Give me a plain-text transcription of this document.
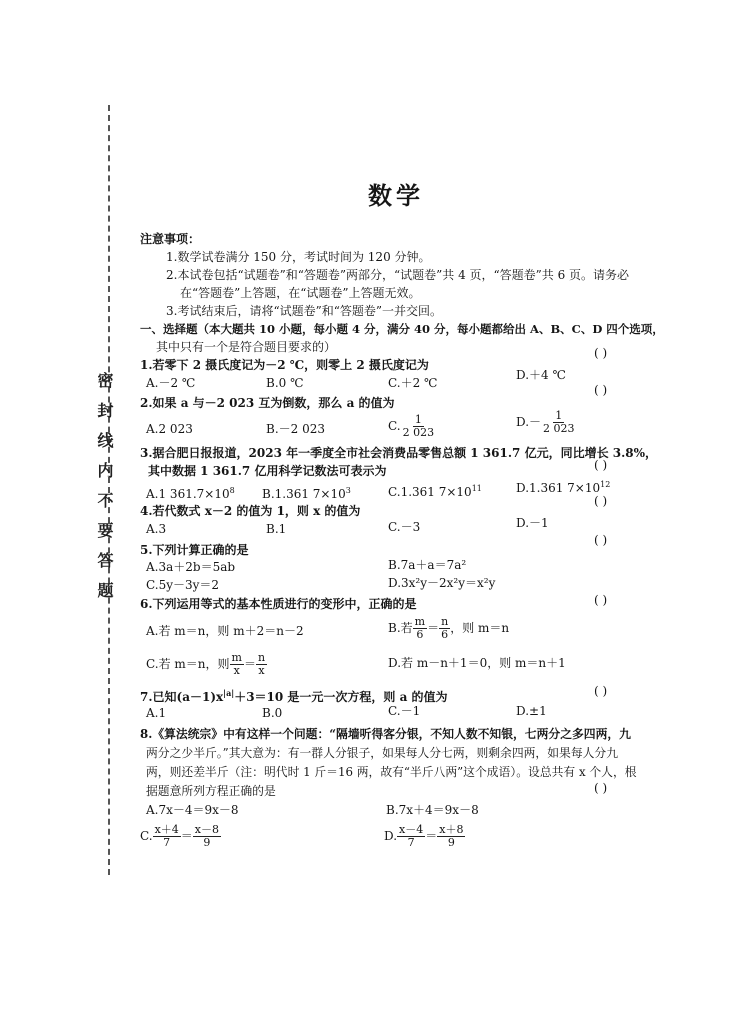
密封线内不要答题
数学
注意事项：
1.数学试卷满分 150 分，考试时间为 120 分钟。
2.本试卷包括“试题卷”和“答题卷”两部分，“试题卷”共 4 页，“答题卷”共 6 页。请务必
在“答题卷”上答题，在“试题卷”上答题无效。
3.考试结束后，请将“试题卷”和“答题卷”一并交回。
一、选择题（本大题共 10 小题，每小题 4 分，满分 40 分，每小题都给出 A、B、C、D 四个选项，
其中只有一个是符合题目要求的）	( )
1.若零下 2 摄氏度记为－2 ℃，则零上 2 摄氏度记为
A.－2 ℃	B.0 ℃	C.＋2 ℃
D.＋4 ℃
( )
2.如果 a 与－2 023 互为倒数，那么 a 的值为
A.2 023	B.－2 023	C. $\frac{1}{2 023}$	$D.- \frac{1}{2 023}$
3.据合肥日报报道，2023 年一季度全市社会消费品零售总额 1 361.7 亿元，同比增长 3.8%，
( )
其中数据 1 361.7 亿用科学记数法可表示为
A.1 $361.7\times 10^8$ B.1.361 $7\times 10^3$	C.1.361 $7\times 10^{11}$	D.1.361 $7\times 10^{12}$
( )
4.若代数式 x－2 的值为 1，则 x 的值为
A.3	B.1	C.－3	D.－1
( )
5.下列计算正确的是
A.3a＋2b＝5ab	B.7a＋a＝7a²
C.5y－3y＝2	D.3x²y－2x²y＝x²y
( )
6.下列运用等式的基本性质进行的变形中，正确的是
A.若 m＝n，则 m＋2＝n－2	B.若 $\frac{m}{6} = \frac{n}{6}$ ，则 m＝n
C.若 m＝n，则 $\frac{m}{x} = \frac{n}{x}$	D.若 m－n＋1＝0，则 m＝n＋1
7.已知$(a-1)x^{|a|}+3=10$ 是一元一次方程，则 a 的值为	( )
A.1	B.0	C.－1	D.±1
8.《算法统宗》中有这样一个问题：“隔墙听得客分银，不知人数不知银，七两分之多四两，九
两分之少半斤。”其大意为：有一群人分银子，如果每人分七两，则剩余四两，如果每人分九
两，则还差半斤（注：明代时 1 斤＝16 两，故有“半斤八两”这个成语）。设总共有 x 个人，根
据题意所列方程正确的是	( )
A.7x－4＝9x－8	B.7x＋4＝9x－8
C. $\frac{x+4}{7} = \frac{x-8}{9}$	D. $\frac{x-4}{7} = \frac{x+8}{9}$
